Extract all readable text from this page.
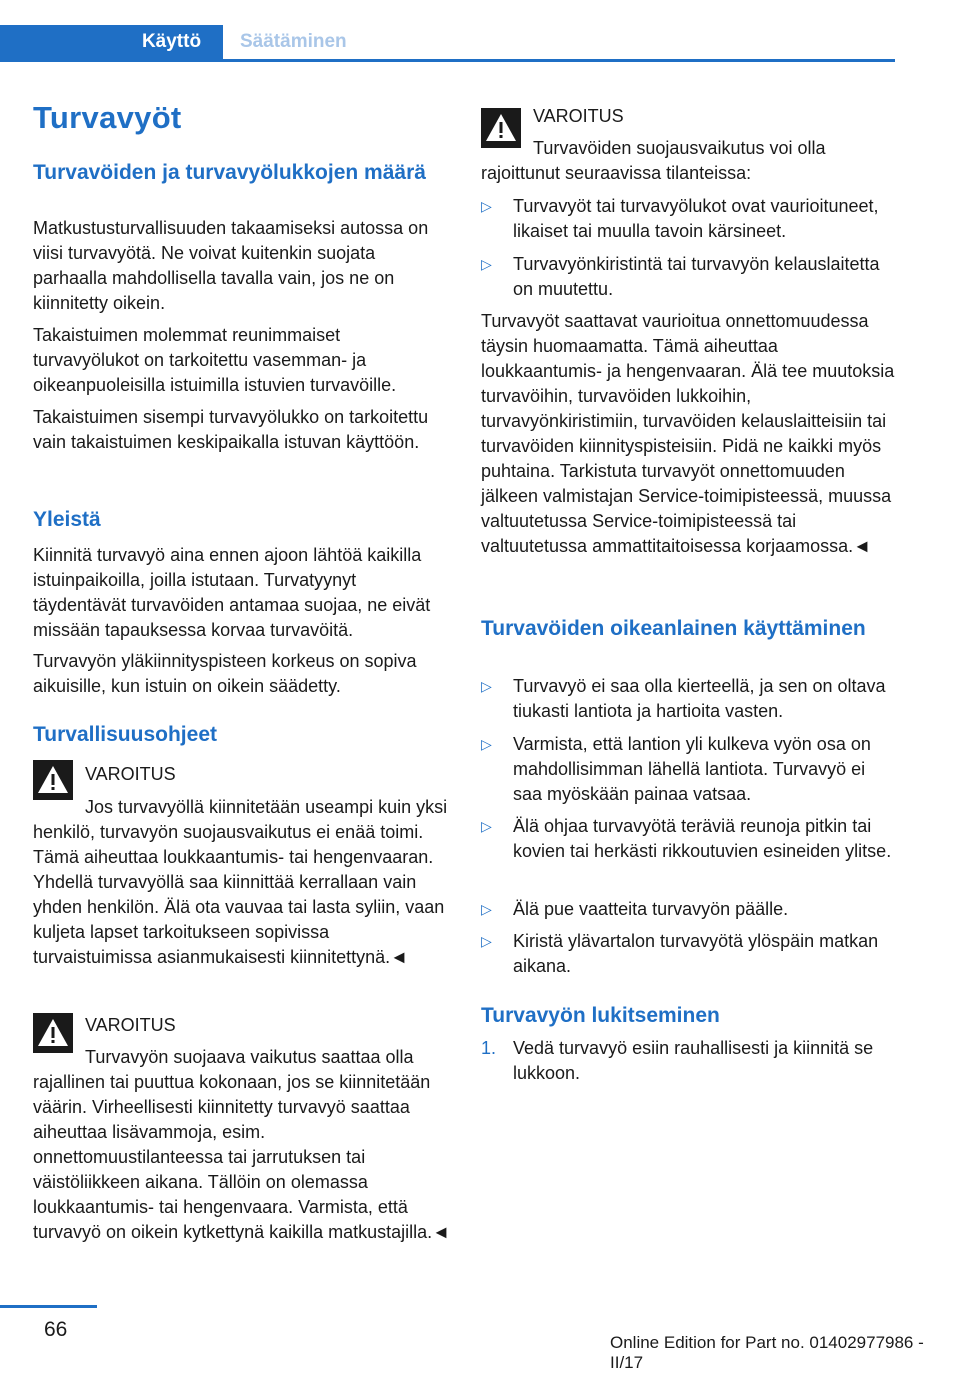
Käyttö	Säätäminen
Turvavyöt
Turvavöiden ja turvavyölukkojen määrä
Matkustusturvallisuuden takaamiseksi autossa on viisi turvavyötä. Ne voivat kuitenkin suojata parhaalla mahdollisella tavalla vain, jos ne on kiinnitetty oikein.
Takaistuimen molemmat reunimmaiset turvavyölukot on tarkoitettu vasemman- ja oikeanpuoleisilla istuimilla istuvien turvavöille.
Takaistuimen sisempi turvavyölukko on tarkoitettu vain takaistuimen keskipaikalla istuvan käyttöön.
Yleistä
Kiinnitä turvavyö aina ennen ajoon lähtöä kaikilla istuinpaikoilla, joilla istutaan. Turvatyynyt täydentävät turvavöiden antamaa suojaa, ne eivät missään tapauksessa korvaa turvavöitä.
Turvavyön yläkiinnityspisteen korkeus on sopiva aikuisille, kun istuin on oikein säädetty.
Turvallisuusohjeet
VAROITUS
Jos turvavyöllä kiinnitetään useampi kuin yksi henkilö, turvavyön suojausvaikutus ei enää toimi. Tämä aiheuttaa loukkaantumis- tai hengenvaaran. Yhdellä turvavyöllä saa kiinnittää kerrallaan vain yhden henkilön. Älä ota vauvaa tai lasta syliin, vaan kuljeta lapset tarkoitukseen sopivissa turvaistuimissa asianmukaisesti kiinnitettynä.◄
VAROITUS
Turvavyön suojaava vaikutus saattaa olla rajallinen tai puuttua kokonaan, jos se kiinnitetään väärin. Virheellisesti kiinnitetty turvavyö saattaa aiheuttaa lisävammoja, esim. onnettomuustilanteessa tai jarrutuksen tai väistöliikkeen aikana. Tällöin on olemassa loukkaantumis- tai hengenvaara. Varmista, että turvavyö on oikein kytkettynä kaikilla matkustajilla.◄
VAROITUS
Turvavöiden suojausvaikutus voi olla rajoittunut seuraavissa tilanteissa:
▷ Turvavyöt tai turvavyölukot ovat vaurioituneet, likaiset tai muulla tavoin kärsineet.
▷ Turvavyönkiristintä tai turvavyön kelauslaitetta on muutettu.
Turvavyöt saattavat vaurioitua onnettomuudessa täysin huomaamatta. Tämä aiheuttaa loukkaantumis- ja hengenvaaran. Älä tee muutoksia turvavöihin, turvavöiden lukkoihin, turvavyönkiristimiin, turvavöiden kelauslaitteisiin tai turvavöiden kiinnityspisteisiin. Pidä ne kaikki myös puhtaina. Tarkistuta turvavyöt onnettomuuden jälkeen valmistajan Service-toimipisteessä, muussa valtuutetussa Service-toimipisteessä tai valtuutetussa ammattitaitoisessa korjaamossa.◄
Turvavöiden oikeanlainen käyttäminen
▷ Turvavyö ei saa olla kierteellä, ja sen on oltava tiukasti lantiota ja hartioita vasten.
▷ Varmista, että lantion yli kulkeva vyön osa on mahdollisimman lähellä lantiota. Turvavyö ei saa myöskään painaa vatsaa.
▷ Älä ohjaa turvavyötä teräviä reunoja pitkin tai kovien tai herkästi rikkoutuvien esineiden ylitse.
▷ Älä pue vaatteita turvavyön päälle.
▷ Kiristä ylävartalon turvavyötä ylöspäin matkan aikana.
Turvavyön lukitseminen
1. Vedä turvavyö esiin rauhallisesti ja kiinnitä se lukkoon.
66
Online Edition for Part no. 01402977986 - II/17
